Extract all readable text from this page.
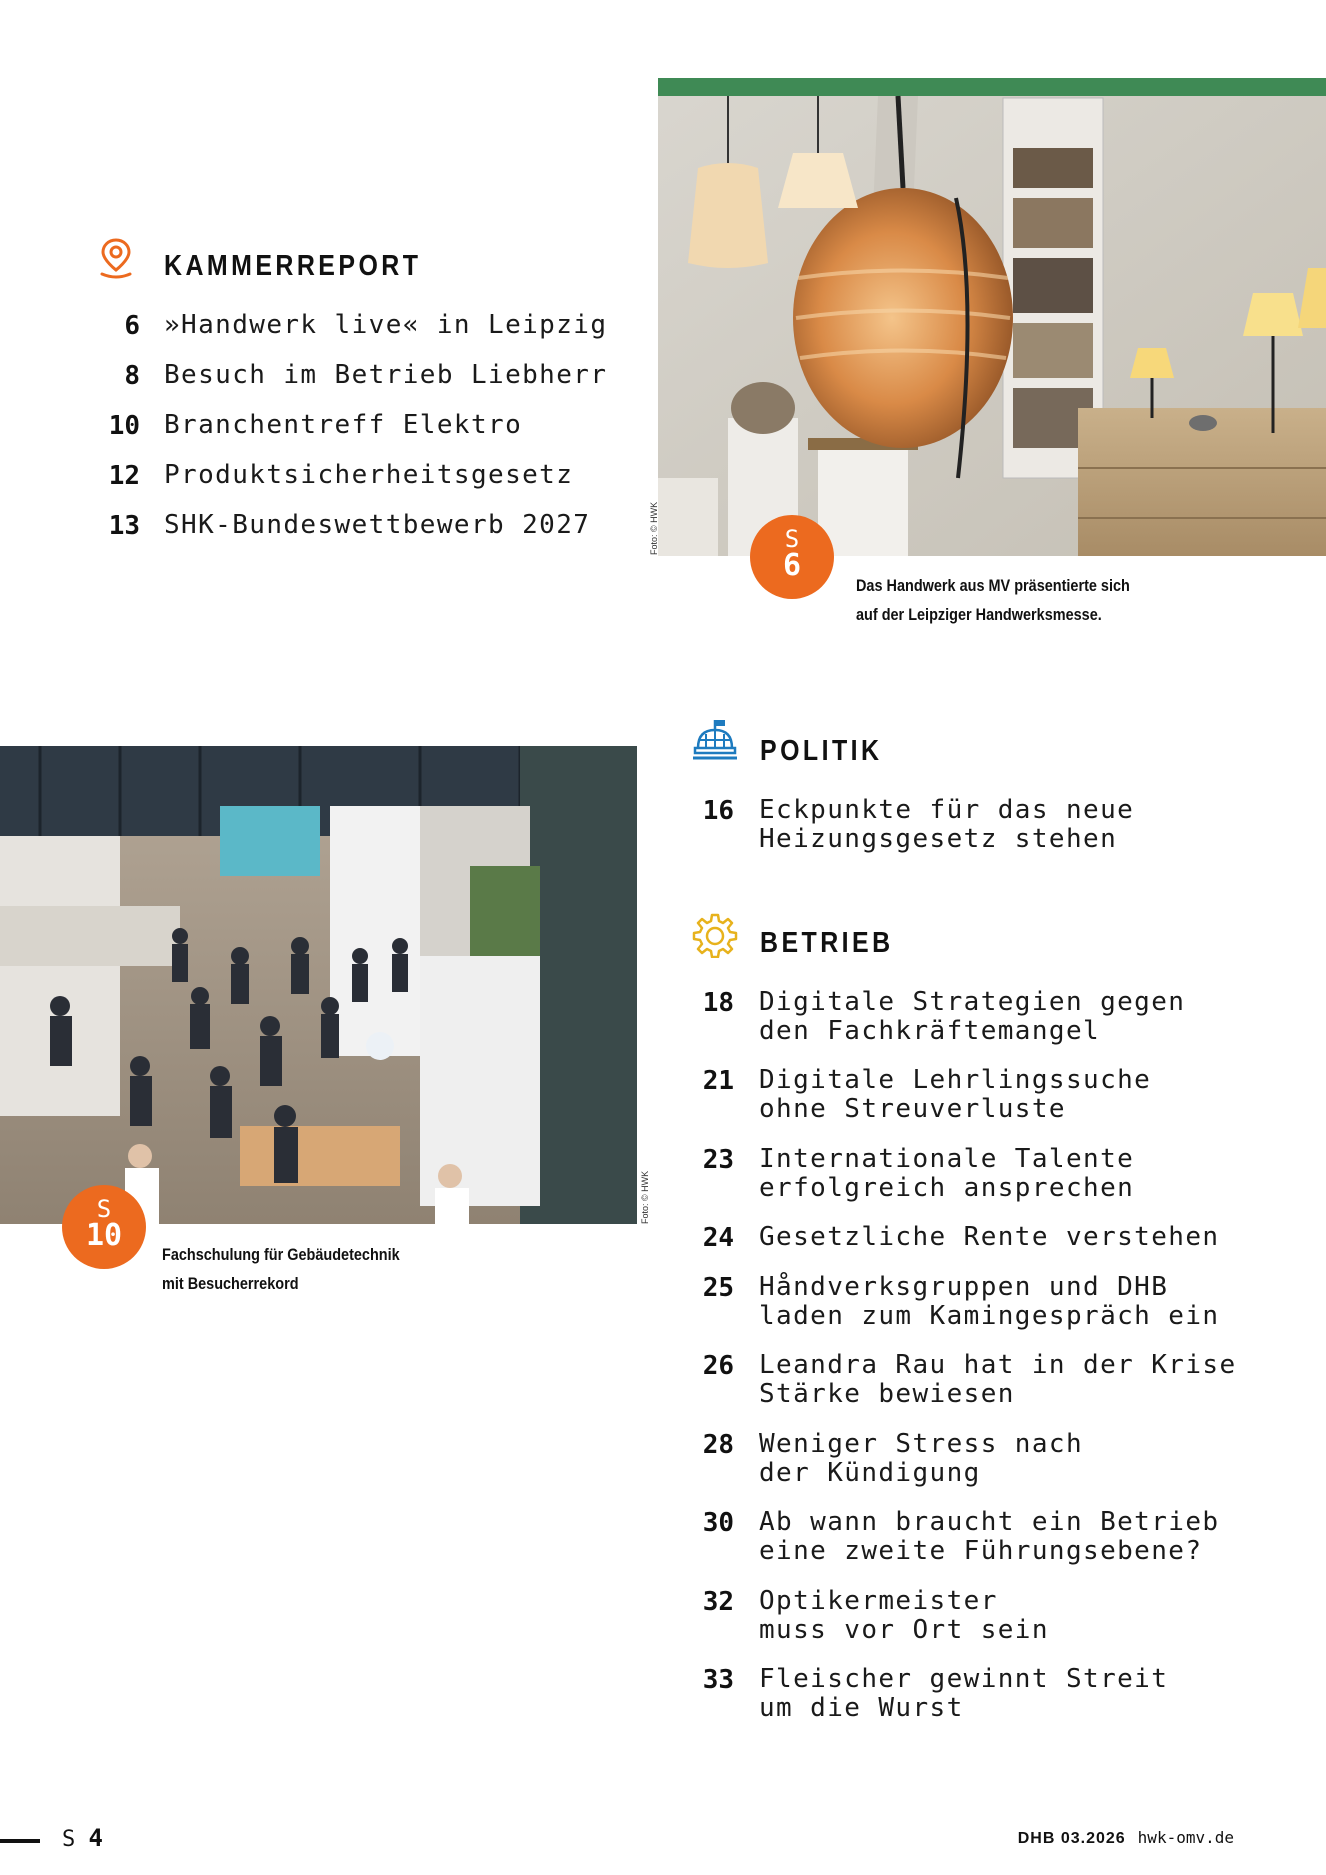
KAMMERREPORT
6 »Handwerk live« in Leipzig
8 Besuch im Betrieb Liebherr
10 Branchentreff Elektro
12 Produktsicherheitsgesetz
13 SHK-Bundeswettbewerb 2027	Foto: © HWK	S
6
Das Handwerk aus MV präsentierte sich
auf der Leipziger Handwerksmesse.
Foto: © HWK
S
10
Fachschulung für Gebäudetechnik
mit Besucherrekord
POLITIK
16 Eckpunkte für das neue
Heizungsgesetz stehen
BETRIEB
18 Digitale Strategien gegen
den Fachkräftemangel
21 Digitale Lehrlingssuche
ohne Streuverluste
23 Internationale Talente
erfolgreich ansprechen
24 Gesetzliche Rente verstehen
25 Håndverksgruppen und DHB
laden zum Kamingespräch ein
26 Leandra Rau hat in der Krise
Stärke bewiesen
28 Weniger Stress nach
der Kündigung
30 Ab wann braucht ein Betrieb
eine zweite Führungsebene?
32 Optikermeister
muss vor Ort sein
33 Fleischer gewinnt Streit
um die Wurst
S 4	DHB 03.2026 hwk-omv.de
